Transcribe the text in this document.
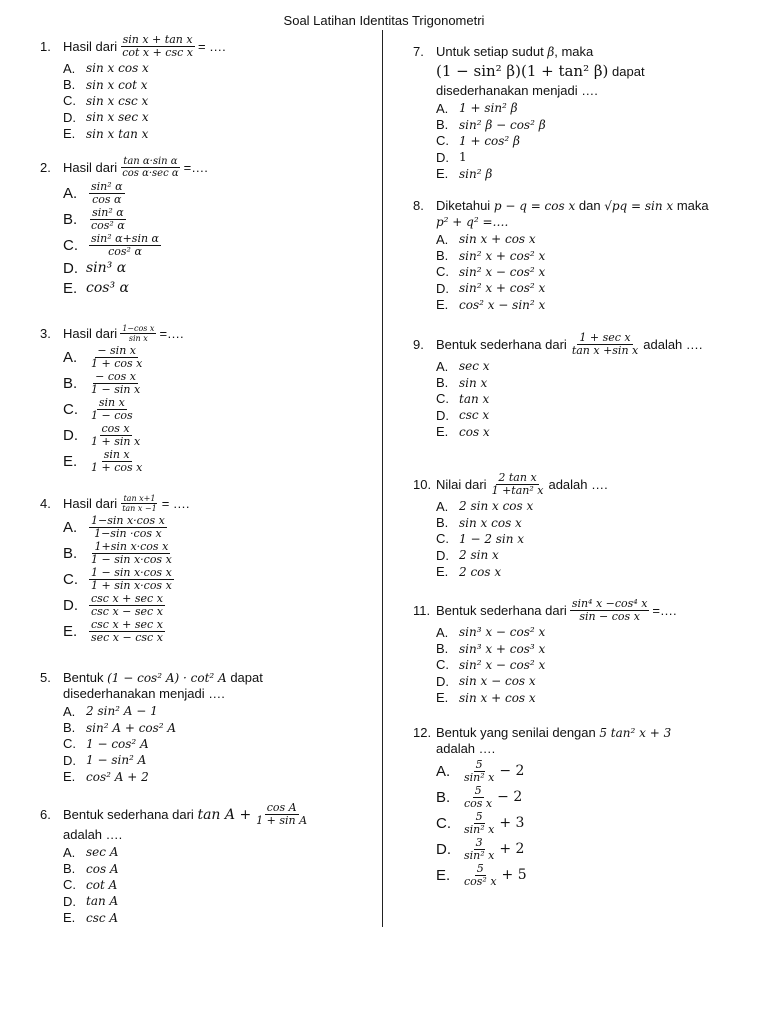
Soal Latihan Identitas Trigonometri
1. Hasil dari $\frac{\text{sin x + tan x}}{\text{cot x + csc x}}$ = ….
A. sin x cos x
B. sin x cot x
C. sin x csc x
D. sin x sec x
E. sin x tan x
2. Hasil dari $\frac{\text{tan α·sin α}}{\text{cos α·sec α}}$ =….
A.	$\frac{\text{sin² α}}{\text{cos α}}$
B.	$\frac{\text{sin² α}}{\text{cos² α}}$
C.	$\frac{\text{sin² α+sin α}}{\text{cos² α}}$
D. sin³ α
E. cos³ α
3. Hasil dari $\frac{\text{1−cos x}}{\text{sin x}}$ =….
A.	$\frac{\text{− sin x}}{\text{1 + cos x}}$
B.	$\frac{\text{− cos x}}{\text{1 − sin x}}$
C.	$\frac{\text{sin x}}{1 - \cos}$
D.	$\frac{\text{cos x}}{\text{1 + sin x}}$
E.	$\frac{\text{sin x}}{\text{1 + cos x}}$
4. Hasil dari $\frac{\text{tan x+1}}{\text{tan x −1}}$ = ….
A.	$\frac{\text{1−sin x·cos x}}{\text{1−sin ·cos x}}$
B.	$\frac{\text{1+sin x·cos x}}{\text{1 − sin x·cos x}}$
C.	$\frac{\text{1 − sin x·cos x}}{\text{1 + sin x·cos x}}$
D.	$\frac{\text{csc x + sec x}}{\text{csc x − sec x}}$
E.	$\frac{\text{csc x + sec x}}{\text{sec x − csc x}}$
5. Bentuk
(1 − cos² A) · cot² A
dapat
disederhanakan menjadi ….
A. 2 sin² A − 1
B. sin² A + cos² A
C. 1 − cos² A
D. 1 − sin² A
E. cos² A + 2
6. Bentuk sederhana dari
$\tan A + \frac{\text{cos A}}{\text{1 + sin A}}$
adalah ….
A. sec A
B. cos A
C. cot A
D. tan A
E. csc A
7. Untuk setiap sudut
β , maka
(1 − sin² β)(1 + tan² β) dapat
disederhanakan menjadi ….
A. 1 + sin² β
B. sin² β − cos² β
C. 1 + cos² β
D. 1
E. sin² β
8. Diketahui
p − q = cos x
dan
√pq = sin x
maka
p² + q² =….
A. sin x + cos x
B. sin² x + cos² x
C. sin² x − cos² x
D. sin² x + cos² x
E. cos² x − sin² x
9. Bentuk sederhana dari $\frac{\text{1 + sec x}}{\text{tan x +sin x}}$ adalah ….
A. sec x
B. sin x
C. tan x
D. csc x
E. cos x
10. Nilai dari $\frac{\text{2 tan x}}{\text{1 +tan² x}}$ adalah ….
A. 2 sin x cos x
B. sin x cos x
C. 1 − 2 sin x
D. 2 sin x
E. 2 cos x
11. Bentuk sederhana dari $\frac{\text{sin⁴ x −cos⁴ x}}{\text{sin − cos x}}$ =….
A. sin³ x − cos² x
B. sin³ x + cos³ x
C. sin² x − cos² x
D. sin x − cos x
E. sin x + cos x
12. Bentuk yang senilai dengan
5 tan² x + 3
adalah ….
A.	$\frac{5}{\text{sin² x}} - 2$
B.	$\frac{5}{\text{cos x}} - 2$
C.	$\frac{5}{\text{sin² x}} + 3$
D.	$\frac{3}{\text{sin² x}} + 2$
E.	$\frac{5}{\text{cos² x}} + 5$
